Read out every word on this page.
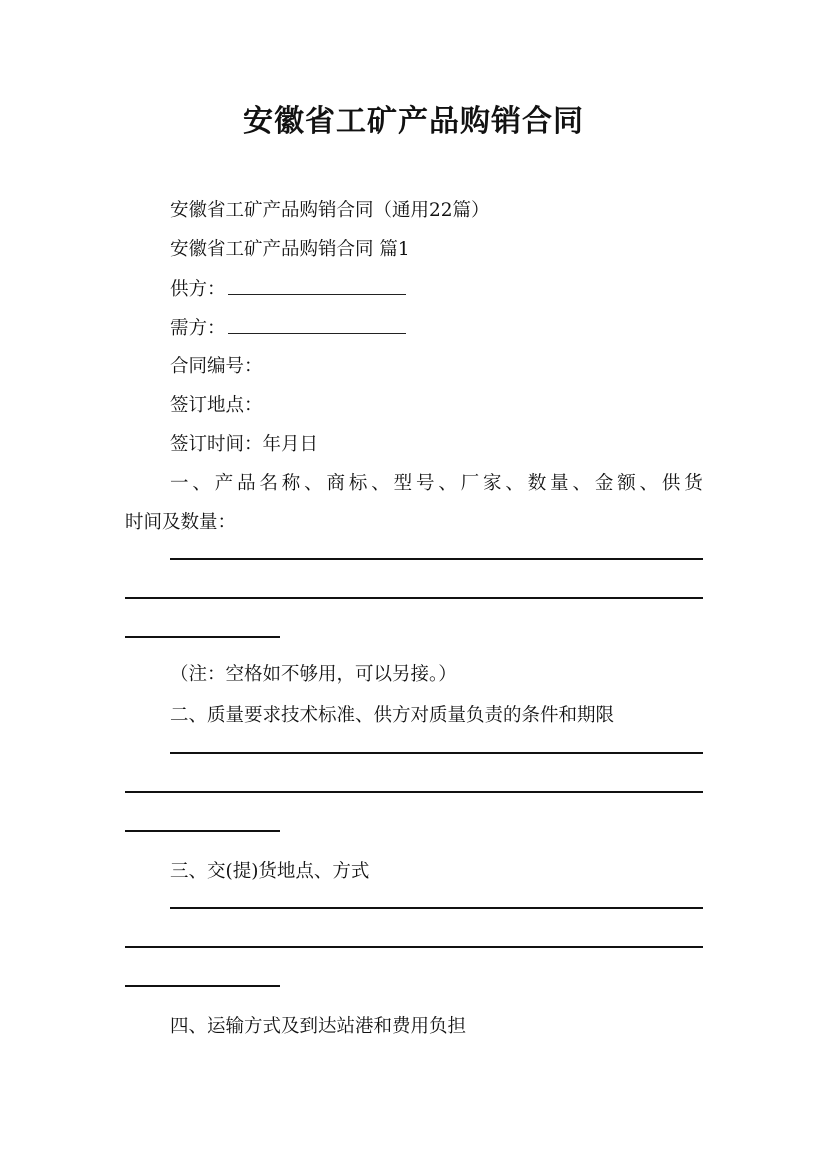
安徽省工矿产品购销合同
安徽省工矿产品购销合同（通用22篇）
安徽省工矿产品购销合同 篇1
供方：
需方：
合同编号：
签订地点：
签订时间：年月日
一 、 产 品 名 称 、 商 标 、 型 号 、 厂 家 、 数 量 、 金 额 、 供 货
时间及数量：
（注：空格如不够用，可以另接。）
二、质量要求技术标准、供方对质量负责的条件和期限
三、交(提)货地点、方式
四、运输方式及到达站港和费用负担
